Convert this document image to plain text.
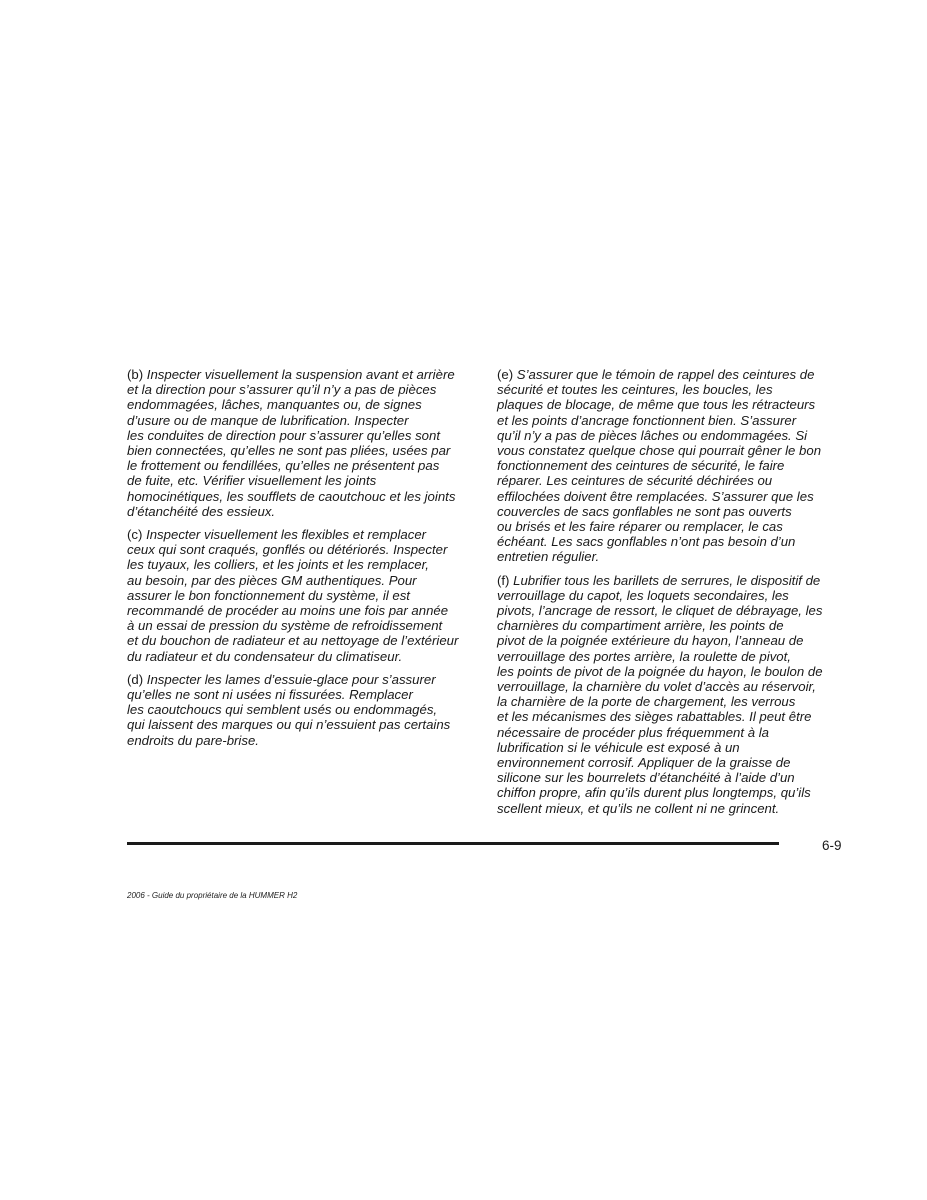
(b) Inspecter visuellement la suspension avant et arrière
et la direction pour s’assurer qu’il n’y a pas de pièces
endommagées, lâches, manquantes ou, de signes
d’usure ou de manque de lubrification. Inspecter
les conduites de direction pour s’assurer qu’elles sont
bien connectées, qu’elles ne sont pas pliées, usées par
le frottement ou fendillées, qu’elles ne présentent pas
de fuite, etc. Vérifier visuellement les joints
homocinétiques, les soufflets de caoutchouc et les joints
d’étanchéité des essieux.

(c) Inspecter visuellement les flexibles et remplacer
ceux qui sont craqués, gonflés ou détériorés. Inspecter
les tuyaux, les colliers, et les joints et les remplacer,
au besoin, par des pièces GM authentiques. Pour
assurer le bon fonctionnement du système, il est
recommandé de procéder au moins une fois par année
à un essai de pression du système de refroidissement
et du bouchon de radiateur et au nettoyage de l’extérieur
du radiateur et du condensateur du climatiseur.

(d) Inspecter les lames d’essuie-glace pour s’assurer
qu’elles ne sont ni usées ni fissurées. Remplacer
les caoutchoucs qui semblent usés ou endommagés,
qui laissent des marques ou qui n’essuient pas certains
endroits du pare-brise.

(e) S’assurer que le témoin de rappel des ceintures de
sécurité et toutes les ceintures, les boucles, les
plaques de blocage, de même que tous les rétracteurs
et les points d’ancrage fonctionnent bien. S’assurer
qu’il n’y a pas de pièces lâches ou endommagées. Si
vous constatez quelque chose qui pourrait gêner le bon
fonctionnement des ceintures de sécurité, le faire
réparer. Les ceintures de sécurité déchirées ou
effilochées doivent être remplacées. S’assurer que les
couvercles de sacs gonflables ne sont pas ouverts
ou brisés et les faire réparer ou remplacer, le cas
échéant. Les sacs gonflables n’ont pas besoin d’un
entretien régulier.

(f) Lubrifier tous les barillets de serrures, le dispositif de
verrouillage du capot, les loquets secondaires, les
pivots, l’ancrage de ressort, le cliquet de débrayage, les
charnières du compartiment arrière, les points de
pivot de la poignée extérieure du hayon, l’anneau de
verrouillage des portes arrière, la roulette de pivot,
les points de pivot de la poignée du hayon, le boulon de
verrouillage, la charnière du volet d’accès au réservoir,
la charnière de la porte de chargement, les verrous
et les mécanismes des sièges rabattables. Il peut être
nécessaire de procéder plus fréquemment à la
lubrification si le véhicule est exposé à un
environnement corrosif. Appliquer de la graisse de
silicone sur les bourrelets d’étanchéité à l’aide d’un
chiffon propre, afin qu’ils durent plus longtemps, qu’ils
scellent mieux, et qu’ils ne collent ni ne grincent.

6-9
2006 - Guide du propriétaire de la HUMMER H2
